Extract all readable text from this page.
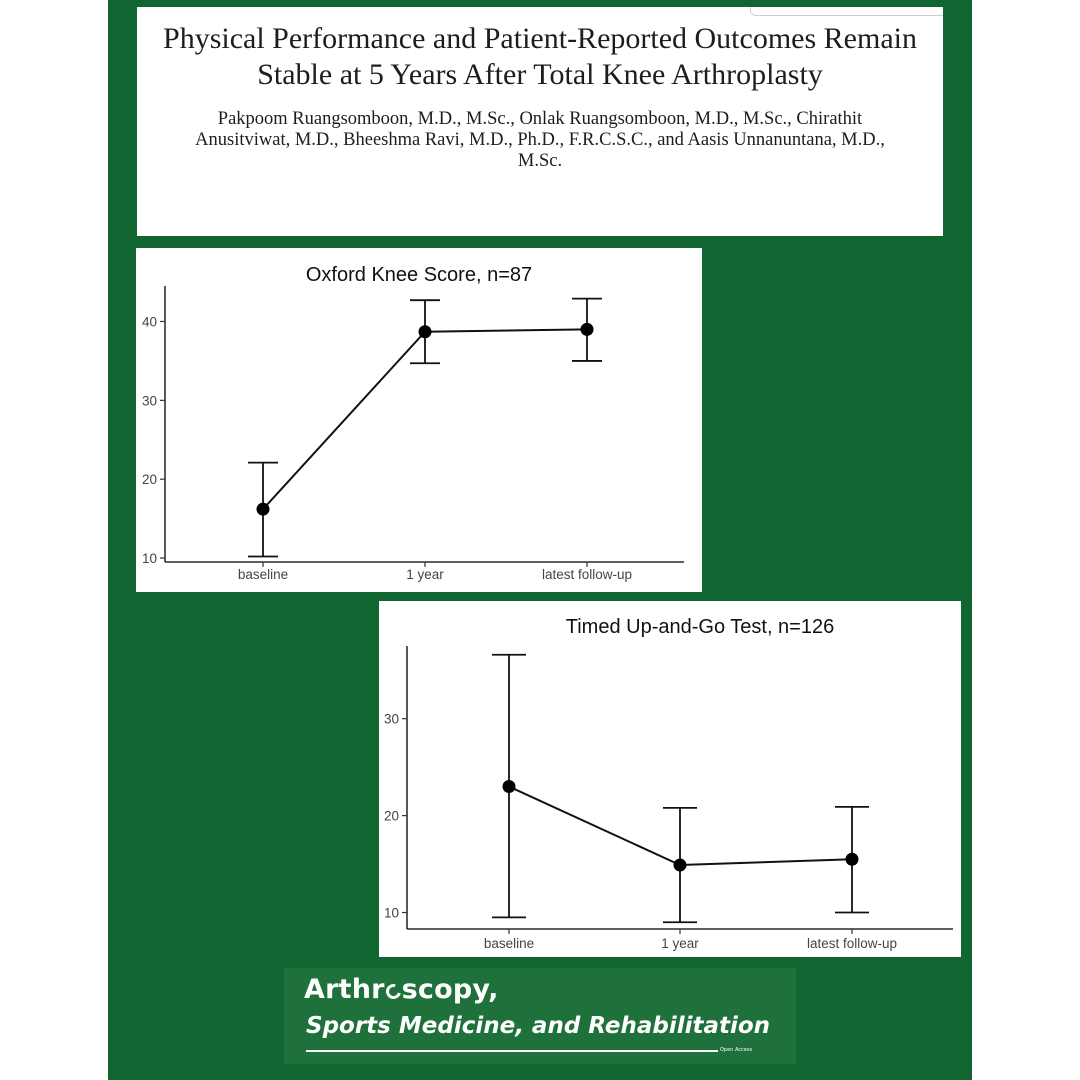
Physical Performance and Patient-Reported Outcomes Remain Stable at 5 Years After Total Knee Arthroplasty

Pakpoom Ruangsomboon, M.D., M.Sc., Onlak Ruangsomboon, M.D., M.Sc., Chirathit Anusitviwat, M.D., Bheeshma Ravi, M.D., Ph.D., F.R.C.S.C., and Aasis Unnanuntana, M.D., M.Sc.

Oxford Knee Score, n=87
10
20
30
40
baseline	1 year	latest follow-up
Timed Up-and-Go Test, n=126
10
20
30
baseline	1 year	latest follow-up
Arthr scopy,
Sports Medicine, and Rehabilitation
Open Access
